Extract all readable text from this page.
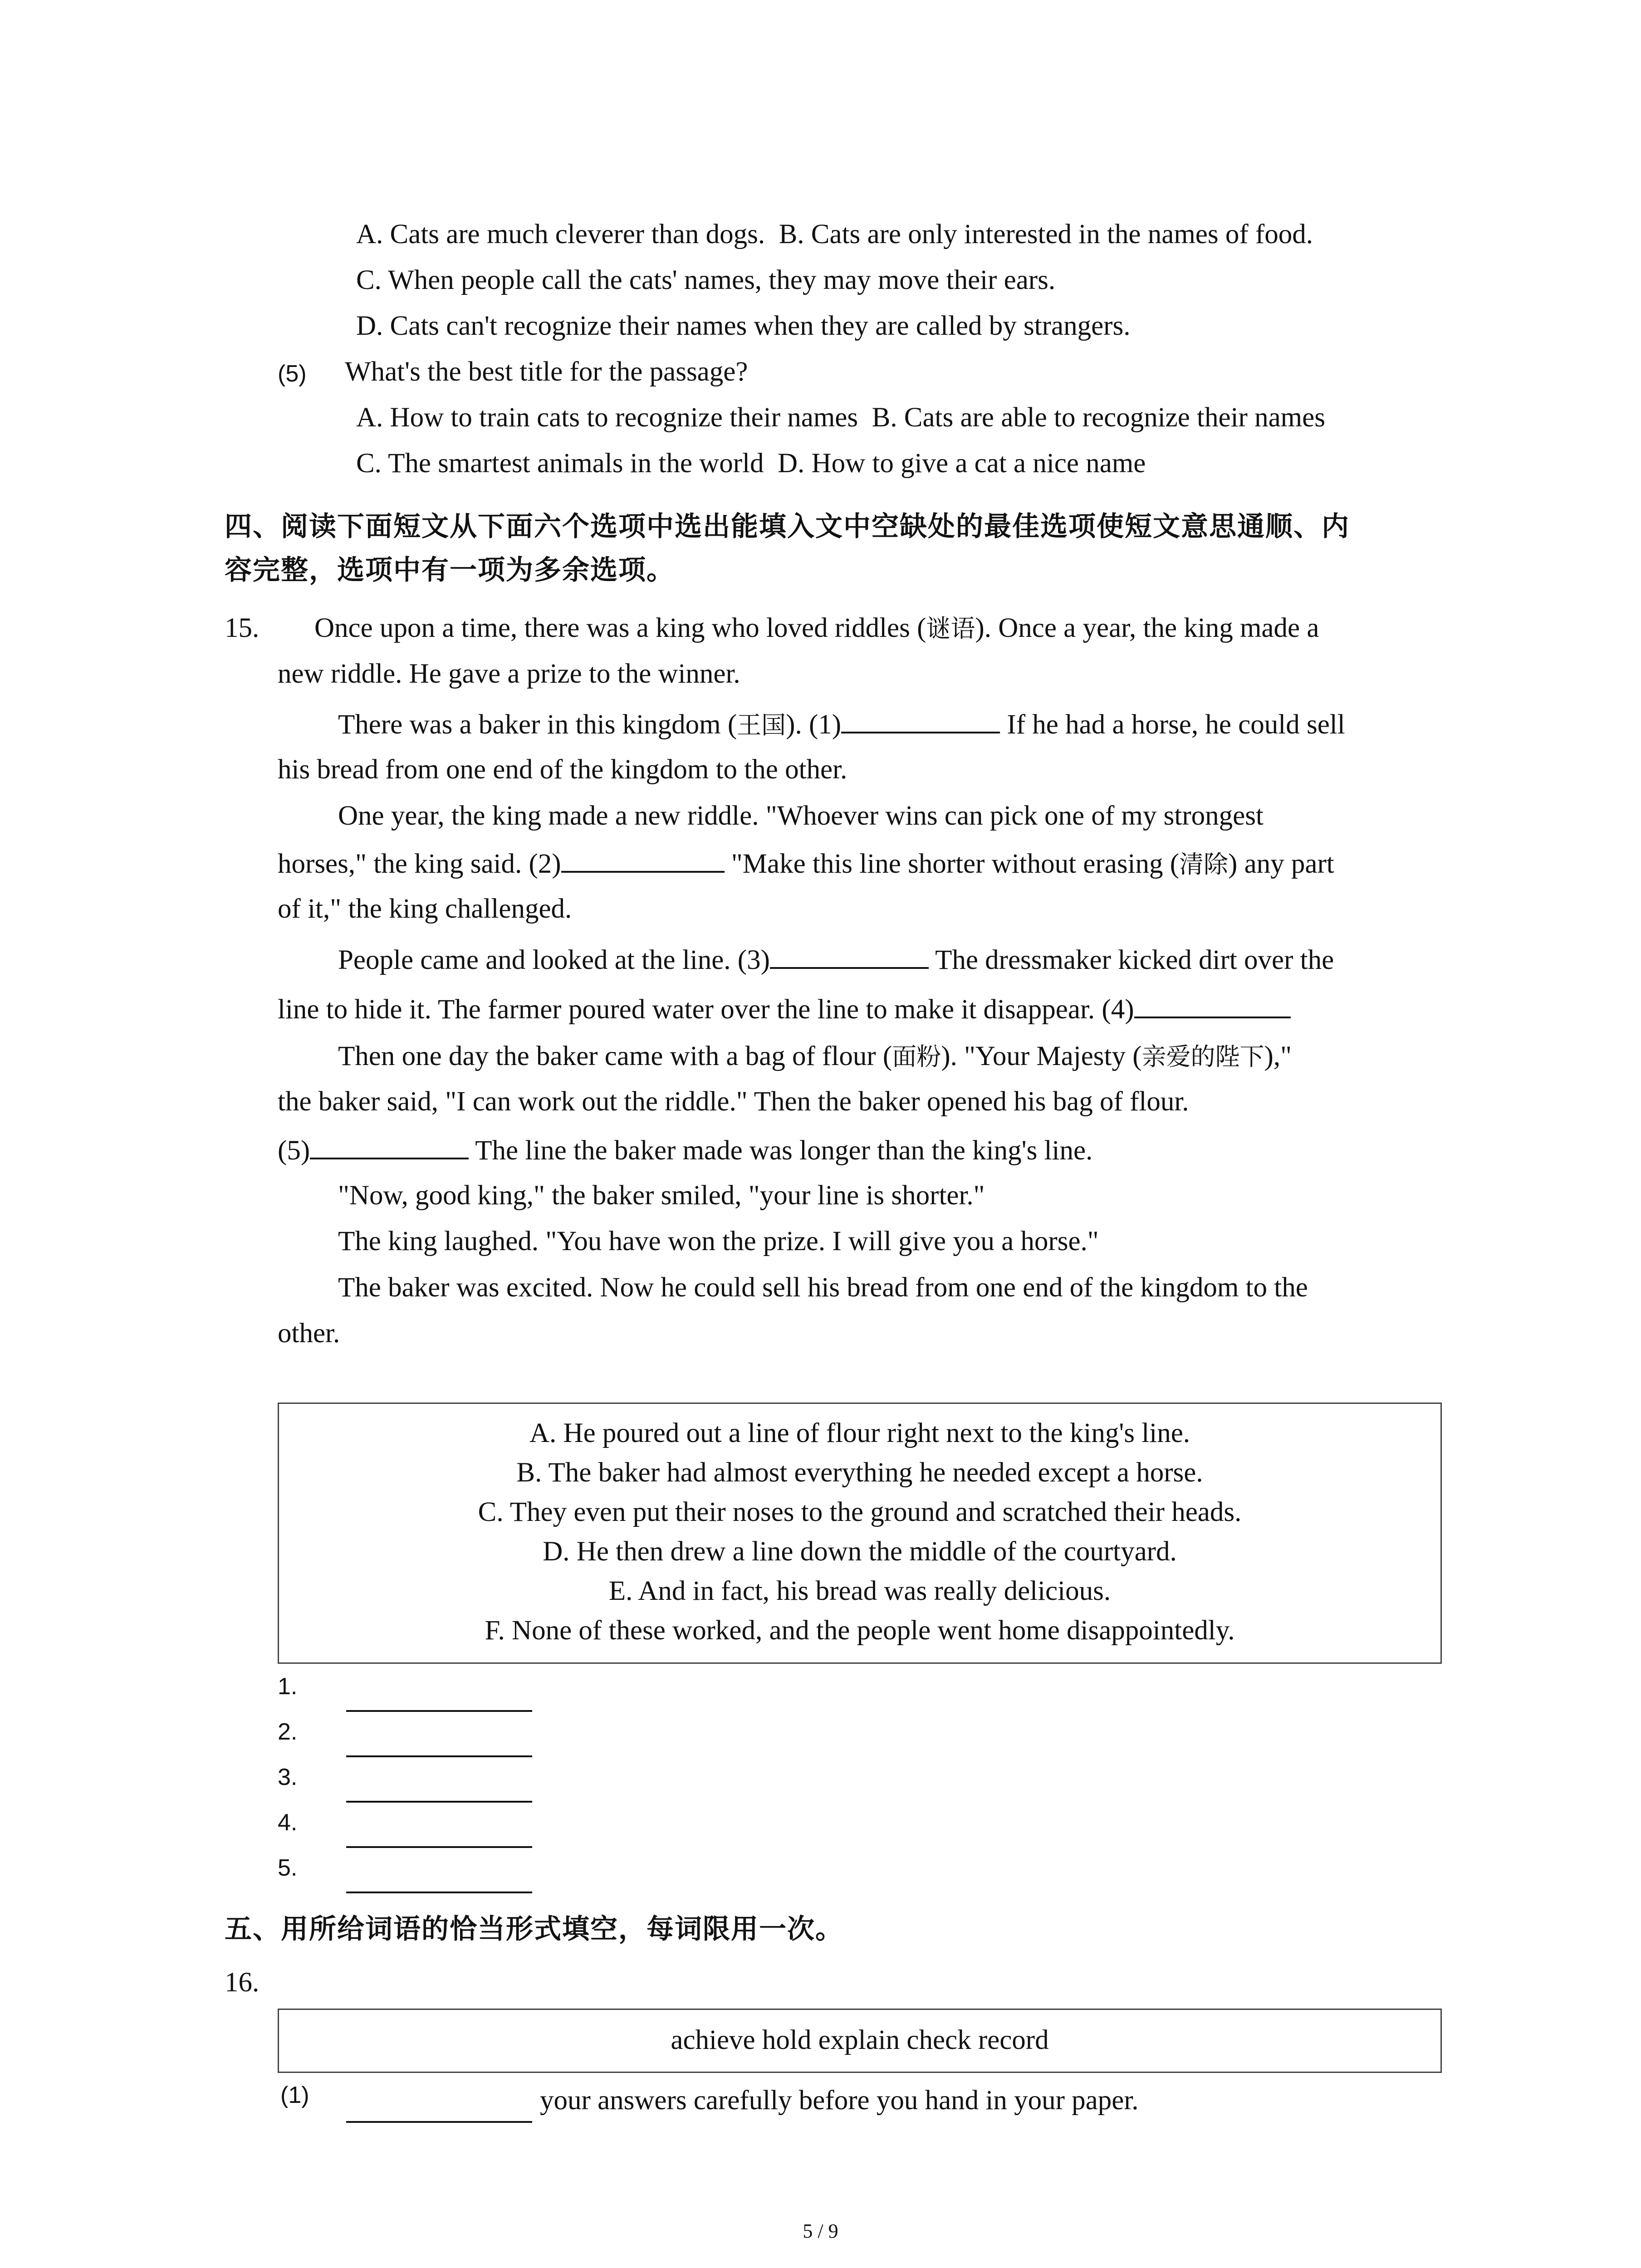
A. Cats are much cleverer than dogs. B. Cats are only interested in the names of food.
C. When people call the cats' names, they may move their ears.
D. Cats can't recognize their names when they are called by strangers.
(5) What's the best title for the passage?
A. How to train cats to recognize their names B. Cats are able to recognize their names
C. The smartest animals in the world D. How to give a cat a nice name
四、阅读下面短文从下面六个选项中选出能填入文中空缺处的最佳选项使短文意思通顺、内
容完整，选项中有一项为多余选项。
15. Once upon a time, there was a king who loved riddles (谜语). Once a year, the king made a
new riddle. He gave a prize to the winner.
There was a baker in this kingdom (王国). (1)	If he had a horse, he could sell
his bread from one end of the kingdom to the other.
One year, the king made a new riddle. "Whoever wins can pick one of my strongest
horses," the king said. (2)	"Make this line shorter without erasing (清除) any part
of it," the king challenged.
People came and looked at the line. (3)	The dressmaker kicked dirt over the
line to hide it. The farmer poured water over the line to make it disappear. (4)
Then one day the baker came with a bag of flour (面粉). "Your Majesty (亲爱的陛下),"
the baker said, "I can work out the riddle." Then the baker opened his bag of flour.
(5)	The line the baker made was longer than the king's line.
"Now, good king," the baker smiled, "your line is shorter."
The king laughed. "You have won the prize. I will give you a horse."
The baker was excited. Now he could sell his bread from one end of the kingdom to the
other.
A. He poured out a line of flour right next to the king's line.
B. The baker had almost everything he needed except a horse.
C. They even put their noses to the ground and scratched their heads.
D. He then drew a line down the middle of the courtyard.
E. And in fact, his bread was really delicious.
F. None of these worked, and the people went home disappointedly.
1.
2.
3.
4.
5.
五、用所给词语的恰当形式填空，每词限用一次。
16.
achieve hold explain check record
(1)	your answers carefully before you hand in your paper.
5 / 9
